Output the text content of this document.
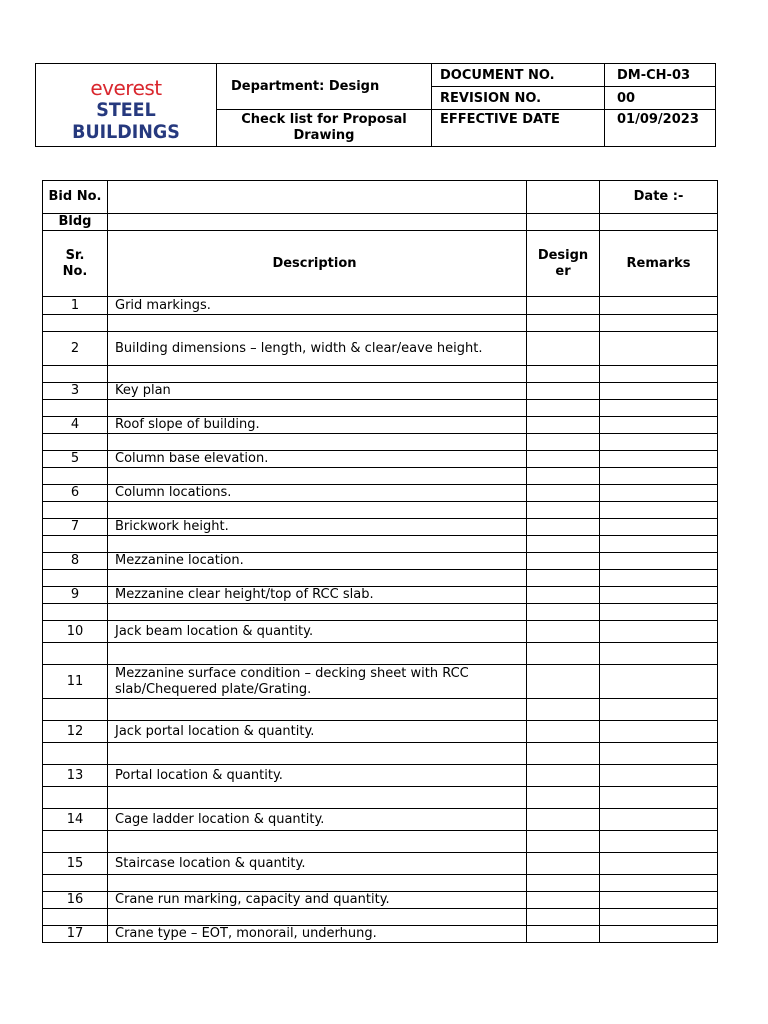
everest
STEEL BUILDINGS	Department: Design	DOCUMENT NO.	DM-CH-03
		REVISION NO.	00
	Check list for Proposal Drawing	EFFECTIVE DATE	01/09/2023
Bid No.			Date :-
Bldg			
Sr. No.	Description	Design er	Remarks
1	Grid markings.		

2	Building dimensions – length, width & clear/eave height.		

3	Key plan		

4	Roof slope of building.		

5	Column base elevation.		

6	Column locations.		

7	Brickwork height.		

8	Mezzanine location.		

9	Mezzanine clear height/top of RCC slab.		

10	Jack beam location & quantity.		

11	Mezzanine surface condition – decking sheet with RCC slab/Chequered plate/Grating.		

12	Jack portal location & quantity.		

13	Portal location & quantity.		

14	Cage ladder location & quantity.		

15	Staircase location & quantity.		

16	Crane run marking, capacity and quantity.		

17	Crane type – EOT, monorail, underhung.		
